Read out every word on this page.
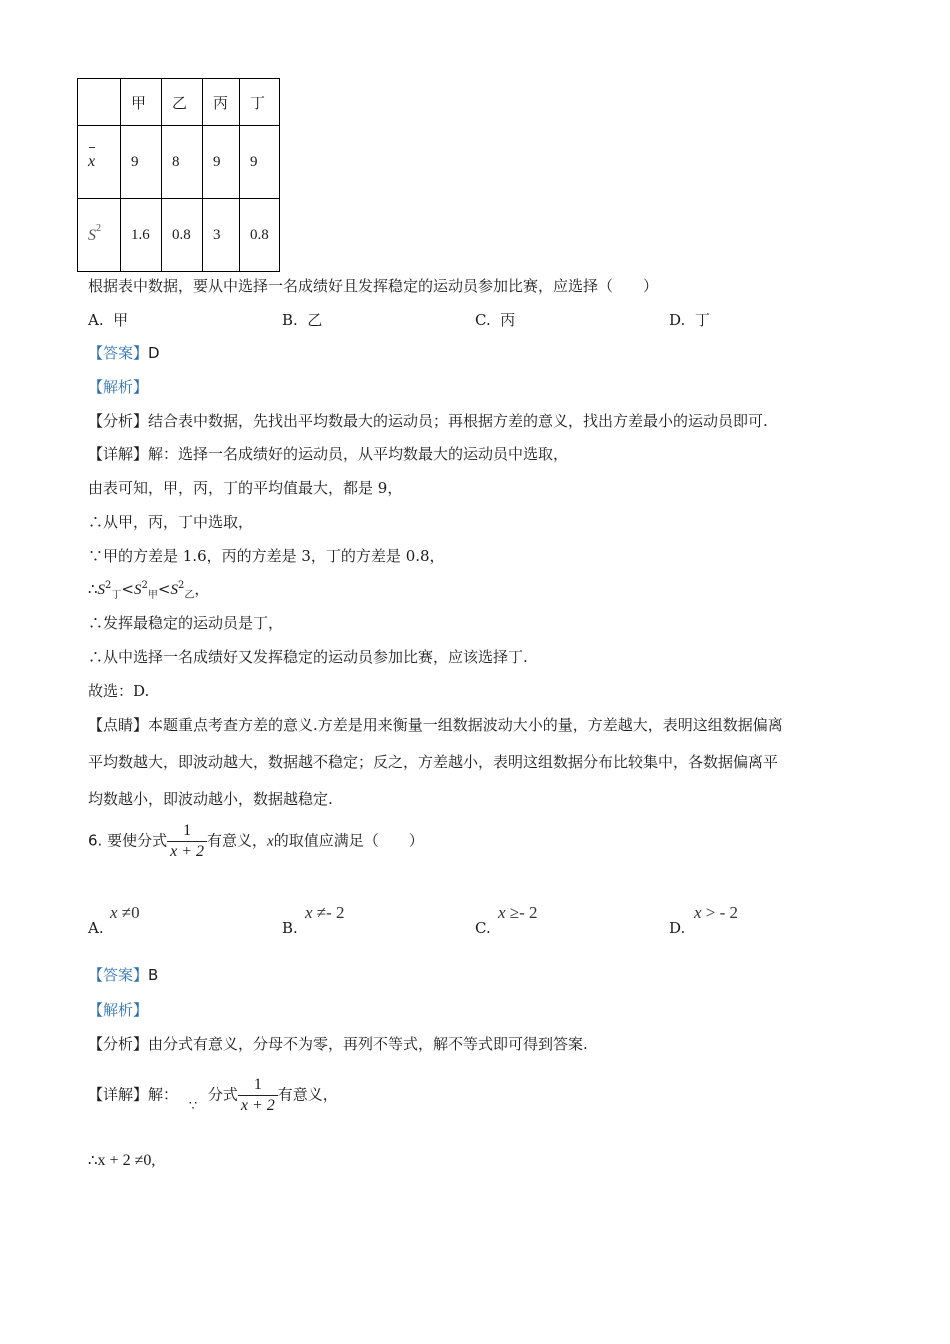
	甲	乙	丙	丁
x	9	8	9	9
$S^2$	1.6	0.8	3	0.8
根据表中数据，要从中选择一名成绩好且发挥稳定的运动员参加比赛，应选择（　　）
A. 甲	B. 乙	C. 丙	D. 丁
【答案】D
【解析】
【分析】结合表中数据，先找出平均数最大的运动员；再根据方差的意义，找出方差最小的运动员即可.
【详解】解：选择一名成绩好的运动员，从平均数最大的运动员中选取，
由表可知，甲，丙，丁的平均值最大，都是 9，
∴从甲，丙，丁中选取，
∵甲的方差是 1.6，丙的方差是 3，丁的方差是 0.8，
$\therefore S^2_丁<S^2_甲<S^2_乙$，
∴发挥最稳定的运动员是丁，
∴从中选择一名成绩好又发挥稳定的运动员参加比赛，应该选择丁.
故选：D.
【点睛】本题重点考查方差的意义.方差是用来衡量一组数据波动大小的量，方差越大，表明这组数据偏离
平均数越大，即波动越大，数据越不稳定；反之，方差越小，表明这组数据分布比较集中，各数据偏离平
均数越小，即波动越小，数据越稳定.
6. 要使分式 $\frac{1}{x + 2}$ 有意义，x的取值应满足（　　）
A.
x ≠0
B.
x ≠- 2
C.
x ≥- 2
D.
x > - 2
【答案】B
【解析】
【分析】由分式有意义，分母不为零，再列不等式，解不等式即可得到答案.
【详解】解： ∵ 分式 $\frac{1}{x + 2}$ 有意义，
∴x + 2 ≠0,
